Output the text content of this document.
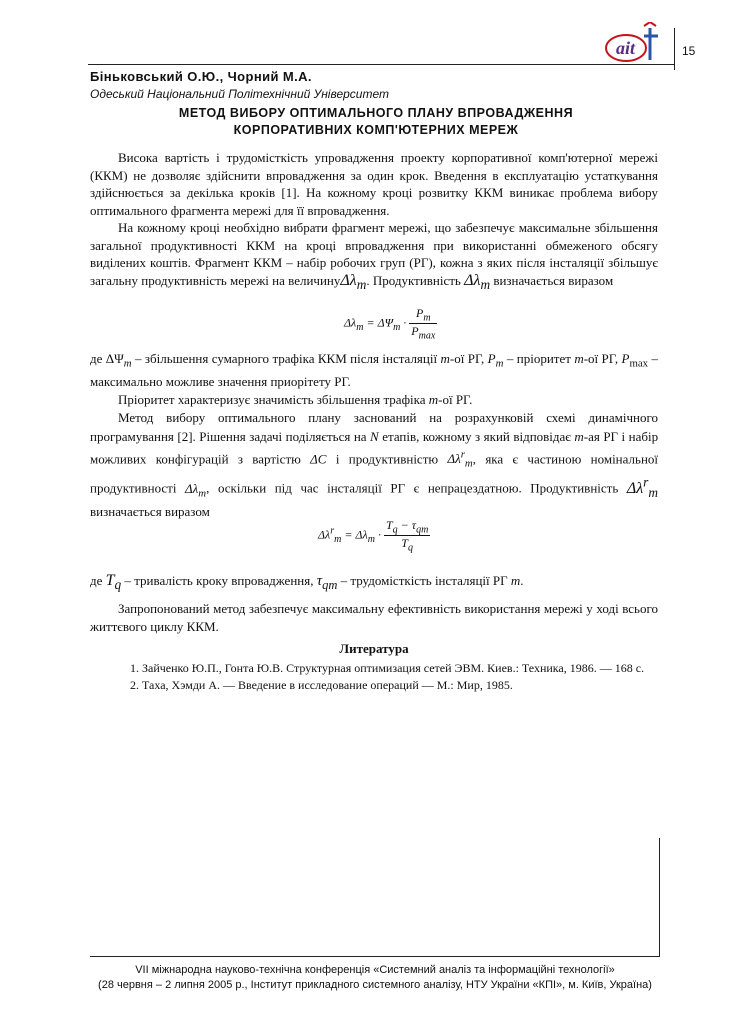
ait	15
Біньковський О.Ю., Чорний М.А.
Одеський Національний Політехнічний Університет
МЕТОД ВИБОРУ ОПТИМАЛЬНОГО ПЛАНУ ВПРОВАДЖЕННЯ
КОРПОРАТИВНИХ КОМП'ЮТЕРНИХ МЕРЕЖ

Висока вартість і трудомісткість упровадження проекту корпоративної комп'ютерної мережі (ККМ) не дозволяє здійснити впровадження за один крок. Введення в експлуатацію устаткування здійснюється за декілька кроків [1]. На кожному кроці розвитку ККМ виникає проблема вибору оптимального фрагмента мережі для її впровадження.

На кожному кроці необхідно вибрати фрагмент мережі, що забезпечує максимальне збільшення загальної продуктивності ККМ на кроці впровадження при використанні обмеженого обсягу виділених коштів. Фрагмент ККМ – набір робочих груп (РГ), кожна з яких після інсталяції збільшує загальну продуктивність мережі на величинуΔλ$_m$. Продуктивність $\Delta\lambda_m$ визначається виразом

$\Delta\lambda_m = \Delta\Psi_m \cdot \frac{P_m}{P_{max}}$

де $\Delta\Psi_m$ – збільшення сумарного трафіка ККМ після інсталяції m-ої РГ, $P_m$ – пріоритет m-ої РГ, $P_{max}$ – максимально можливе значення приорітету РГ.

Пріоритет характеризує значимість збільшення трафіка m-ої РГ.

Метод вибору оптимального плану заснований на розрахунковій схемі динамічного програмування [2]. Рішення задачі поділяється на N етапів, кожному з який відповідає m-ая РГ і набір можливих конфігурацій з вартістю ΔC і продуктивністю $\Delta\lambda^r_m$, яка є частиною номінальної продуктивності $\Delta\lambda_m$, оскільки під час інсталяції РГ є непрацездатною. Продуктивність $\Delta\lambda^r_m$ визначається виразом

$\Delta\lambda^r_m = \Delta\lambda_m \cdot \frac{T_q - \tau_{qm}}{T_q}$

де $T_q$ – тривалість кроку впровадження, $\tau_{qm}$ – трудомісткість інсталяції РГ m.

Запропонований метод забезпечує максимальну ефективність використання мережі у ході всього життєвого циклу ККМ.

Литература
1. Зайченко Ю.П., Гонта Ю.В. Структурная оптимизация сетей ЭВМ. Киев.: Техника, 1986. — 168 с.
2. Таха, Хэмди А. — Введение в исследование операций — М.: Мир, 1985.
VII міжнародна науково-технічна конференція «Системний аналіз та інформаційні технології»
(28 червня – 2 липня 2005 р., Інститут прикладного системного аналізу, НТУ України «КПІ», м. Київ, Україна)
